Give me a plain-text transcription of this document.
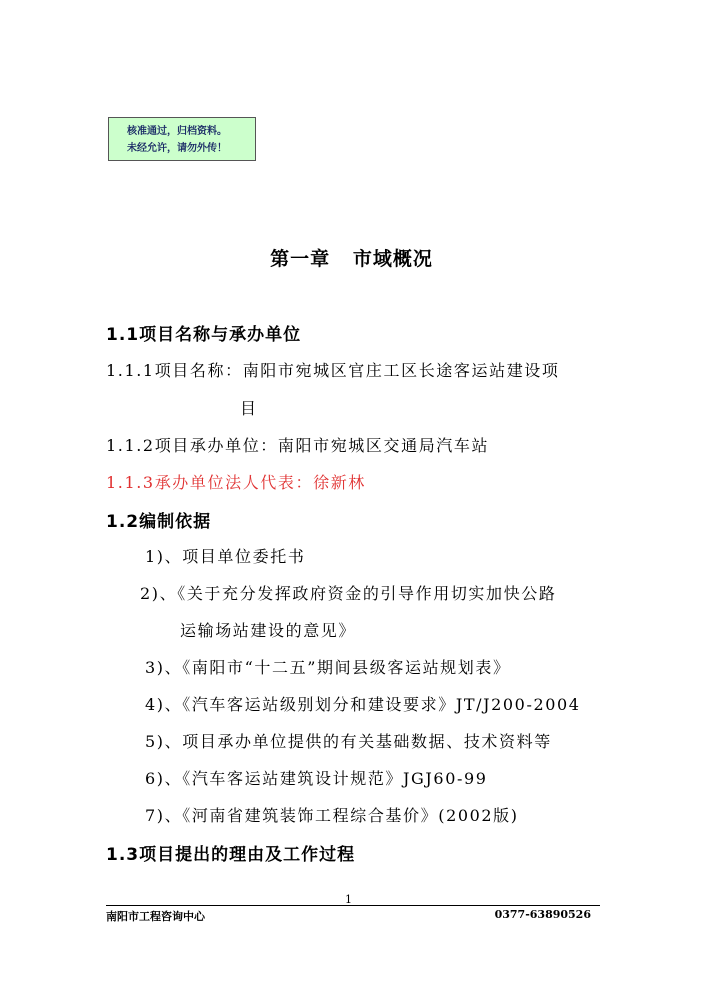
核准通过，归档资料。
未经允许，请勿外传！
第一章   市域概况
1.1项目名称与承办单位
1.1.1项目名称：南阳市宛城区官庄工区长途客运站建设项
目
1.1.2项目承办单位：南阳市宛城区交通局汽车站
1.1.3承办单位法人代表：徐新林
1.2编制依据
1)、项目单位委托书
2)、《关于充分发挥政府资金的引导作用切实加快公路
运输场站建设的意见》
3)、《南阳市“十二五”期间县级客运站规划表》
4)、《汽车客运站级别划分和建设要求》JT/J200-2004
5)、项目承办单位提供的有关基础数据、技术资料等
6)、《汽车客运站建筑设计规范》JGJ60-99
7)、《河南省建筑装饰工程综合基价》(2002版)
1.3项目提出的理由及工作过程
1
南阳市工程咨询中心	0377-63890526
